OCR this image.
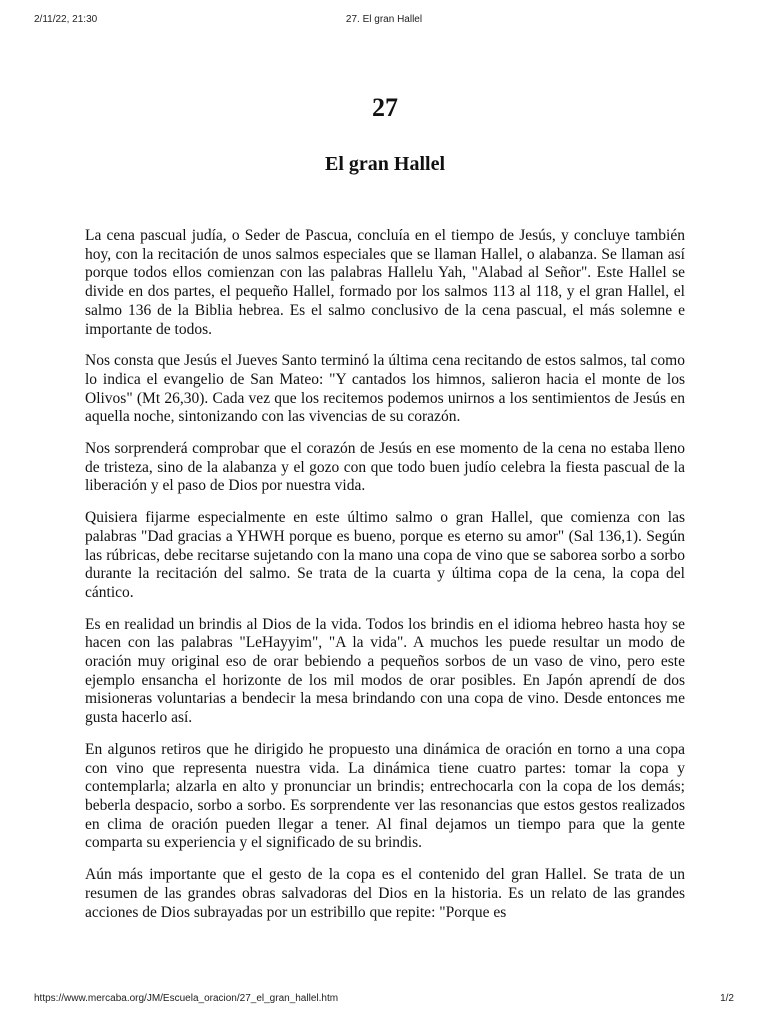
2/11/22, 21:30	27. El gran Hallel
27
El gran Hallel

La cena pascual judía, o Seder de Pascua, concluía en el tiempo de Jesús, y concluye también hoy, con la recitación de unos salmos especiales que se llaman Hallel, o alabanza. Se llaman así porque todos ellos comienzan con las palabras Hallelu Yah, "Alabad al Señor". Este Hallel se divide en dos partes, el pequeño Hallel, formado por los salmos 113 al 118, y el gran Hallel, el salmo 136 de la Biblia hebrea. Es el salmo conclusivo de la cena pascual, el más solemne e importante de todos.

Nos consta que Jesús el Jueves Santo terminó la última cena recitando de estos salmos, tal como lo indica el evangelio de San Mateo: "Y cantados los himnos, salieron hacia el monte de los Olivos" (Mt 26,30). Cada vez que los recitemos podemos unirnos a los sentimientos de Jesús en aquella noche, sintonizando con las vivencias de su corazón.

Nos sorprenderá comprobar que el corazón de Jesús en ese momento de la cena no estaba lleno de tristeza, sino de la alabanza y el gozo con que todo buen judío celebra la fiesta pascual de la liberación y el paso de Dios por nuestra vida.

Quisiera fijarme especialmente en este último salmo o gran Hallel, que comienza con las palabras "Dad gracias a YHWH porque es bueno, porque es eterno su amor" (Sal 136,1). Según las rúbricas, debe recitarse sujetando con la mano una copa de vino que se saborea sorbo a sorbo durante la recitación del salmo. Se trata de la cuarta y última copa de la cena, la copa del cántico.

Es en realidad un brindis al Dios de la vida. Todos los brindis en el idioma hebreo hasta hoy se hacen con las palabras "LeHayyim", "A la vida". A muchos les puede resultar un modo de oración muy original eso de orar bebiendo a pequeños sorbos de un vaso de vino, pero este ejemplo ensancha el horizonte de los mil modos de orar posibles. En Japón aprendí de dos misioneras voluntarias a bendecir la mesa brindando con una copa de vino. Desde entonces me gusta hacerlo así.

En algunos retiros que he dirigido he propuesto una dinámica de oración en torno a una copa con vino que representa nuestra vida. La dinámica tiene cuatro partes: tomar la copa y contemplarla; alzarla en alto y pronunciar un brindis; entrechocarla con la copa de los demás; beberla despacio, sorbo a sorbo. Es sorprendente ver las resonancias que estos gestos realizados en clima de oración pueden llegar a tener. Al final dejamos un tiempo para que la gente comparta su experiencia y el significado de su brindis.

Aún más importante que el gesto de la copa es el contenido del gran Hallel. Se trata de un resumen de las grandes obras salvadoras del Dios en la historia. Es un relato de las grandes acciones de Dios subrayadas por un estribillo que repite: "Porque es

https://www.mercaba.org/JM/Escuela_oracion/27_el_gran_hallel.htm	1/2
